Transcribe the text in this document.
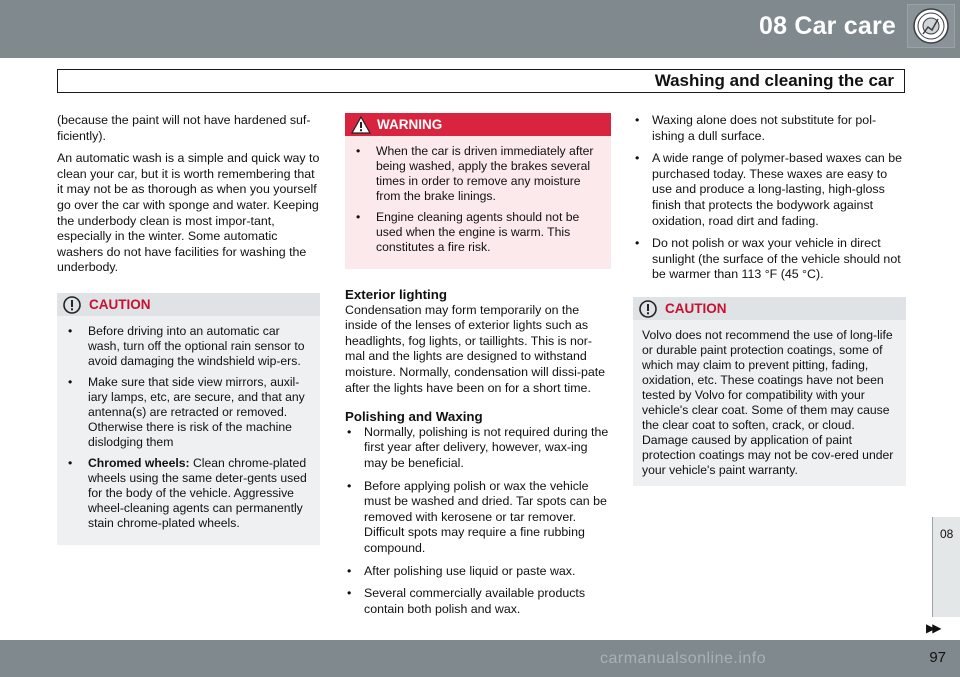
08 Car care
Washing and cleaning the car

(because the paint will not have hardened suf-ficiently).

An automatic wash is a simple and quick way to clean your car, but it is worth remembering that it may not be as thorough as when you yourself go over the car with sponge and water. Keeping the underbody clean is most impor-tant, especially in the winter. Some automatic washers do not have facilities for washing the underbody.

CAUTION
• Before driving into an automatic car wash, turn off the optional rain sensor to avoid damaging the windshield wip-ers.
• Make sure that side view mirrors, auxil-iary lamps, etc, are secure, and that any antenna(s) are retracted or removed. Otherwise there is risk of the machine dislodging them
• Chromed wheels: Clean chrome-plated wheels using the same deter-gents used for the body of the vehicle. Aggressive wheel-cleaning agents can permanently stain chrome-plated wheels.
WARNING
• When the car is driven immediately after being washed, apply the brakes several times in order to remove any moisture from the brake linings.
• Engine cleaning agents should not be used when the engine is warm. This constitutes a fire risk.
Exterior lighting

Condensation may form temporarily on the inside of the lenses of exterior lights such as headlights, fog lights, or taillights. This is nor-mal and the lights are designed to withstand moisture. Normally, condensation will dissi-pate after the lights have been on for a short time.

Polishing and Waxing
• Normally, polishing is not required during the first year after delivery, however, wax-ing may be beneficial.
• Before applying polish or wax the vehicle must be washed and dried. Tar spots can be removed with kerosene or tar remover. Difficult spots may require a fine rubbing compound.
• After polishing use liquid or paste wax.
• Several commercially available products contain both polish and wax.
• Waxing alone does not substitute for pol-ishing a dull surface.
• A wide range of polymer-based waxes can be purchased today. These waxes are easy to use and produce a long-lasting, high-gloss finish that protects the bodywork against oxidation, road dirt and fading.
• Do not polish or wax your vehicle in direct sunlight (the surface of the vehicle should not be warmer than 113 °F (45 °C).
CAUTION

Volvo does not recommend the use of long-life or durable paint protection coatings, some of which may claim to prevent pitting, fading, oxidation, etc. These coatings have not been tested by Volvo for compatibility with your vehicle's clear coat. Some of them may cause the clear coat to soften, crack, or cloud. Damage caused by application of paint protection coatings may not be cov-ered under your vehicle's paint warranty.

08
▶▶
carmanualsonline.info	97
